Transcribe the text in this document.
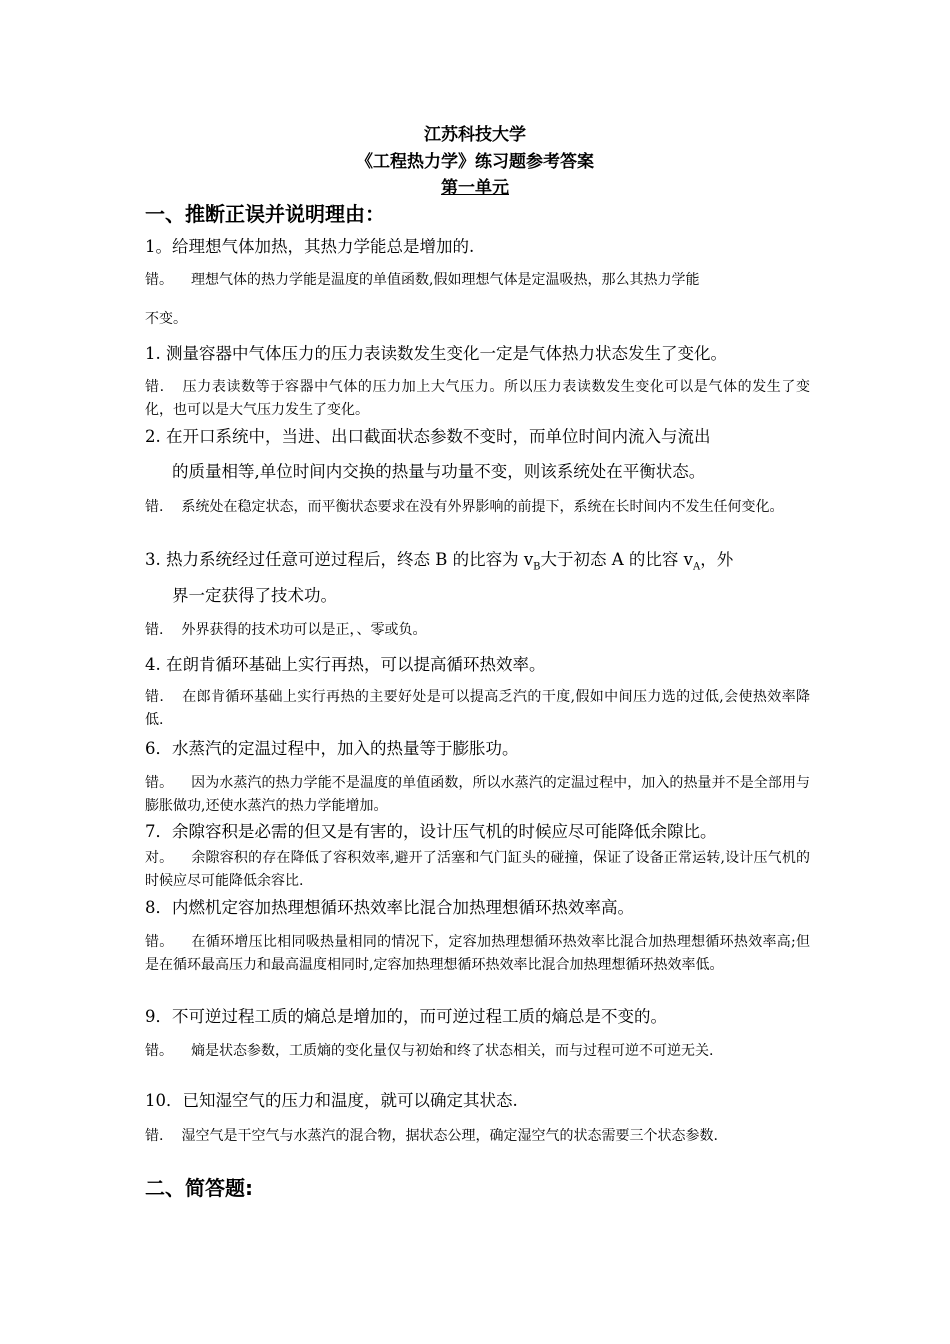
江苏科技大学
《工程热力学》练习题参考答案
第一单元
一、推断正误并说明理由：
1。给理想气体加热，其热力学能总是增加的.
错。 理想气体的热力学能是温度的单值函数,假如理想气体是定温吸热，那么其热力学能
不变。
1. 测量容器中气体压力的压力表读数发生变化一定是气体热力状态发生了变化。
错. 压力表读数等于容器中气体的压力加上大气压力。所以压力表读数发生变化可以是气体的发生了变化，也可以是大气压力发生了变化。
2. 在开口系统中，当进、出口截面状态参数不变时，而单位时间内流入与流出
的质量相等,单位时间内交换的热量与功量不变，则该系统处在平衡状态。
错. 系统处在稳定状态，而平衡状态要求在没有外界影响的前提下，系统在长时间内不发生任何变化。
3. 热力系统经过任意可逆过程后，终态 B 的比容为 $v_B$大于初态 A 的比容 $v_A$，外
界一定获得了技术功。
错. 外界获得的技术功可以是正，、零或负。
4. 在朗肯循环基础上实行再热，可以提高循环热效率。
错. 在郎肯循环基础上实行再热的主要好处是可以提高乏汽的干度,假如中间压力选的过低,会使热效率降低.
6．水蒸汽的定温过程中，加入的热量等于膨胀功。
错。 因为水蒸汽的热力学能不是温度的单值函数，所以水蒸汽的定温过程中，加入的热量并不是全部用与膨胀做功,还使水蒸汽的热力学能增加。
7．余隙容积是必需的但又是有害的，设计压气机的时候应尽可能降低余隙比。
对。 余隙容积的存在降低了容积效率,避开了活塞和气门缸头的碰撞，保证了设备正常运转,设计压气机的时候应尽可能降低余容比.
8．内燃机定容加热理想循环热效率比混合加热理想循环热效率高。
错。 在循环增压比相同吸热量相同的情况下，定容加热理想循环热效率比混合加热理想循环热效率高;但是在循环最高压力和最高温度相同时,定容加热理想循环热效率比混合加热理想循环热效率低。
9．不可逆过程工质的熵总是增加的，而可逆过程工质的熵总是不变的。
错。 熵是状态参数，工质熵的变化量仅与初始和终了状态相关，而与过程可逆不可逆无关.
10．已知湿空气的压力和温度，就可以确定其状态.
错. 湿空气是干空气与水蒸汽的混合物，据状态公理，确定湿空气的状态需要三个状态参数.
二、简答题:
